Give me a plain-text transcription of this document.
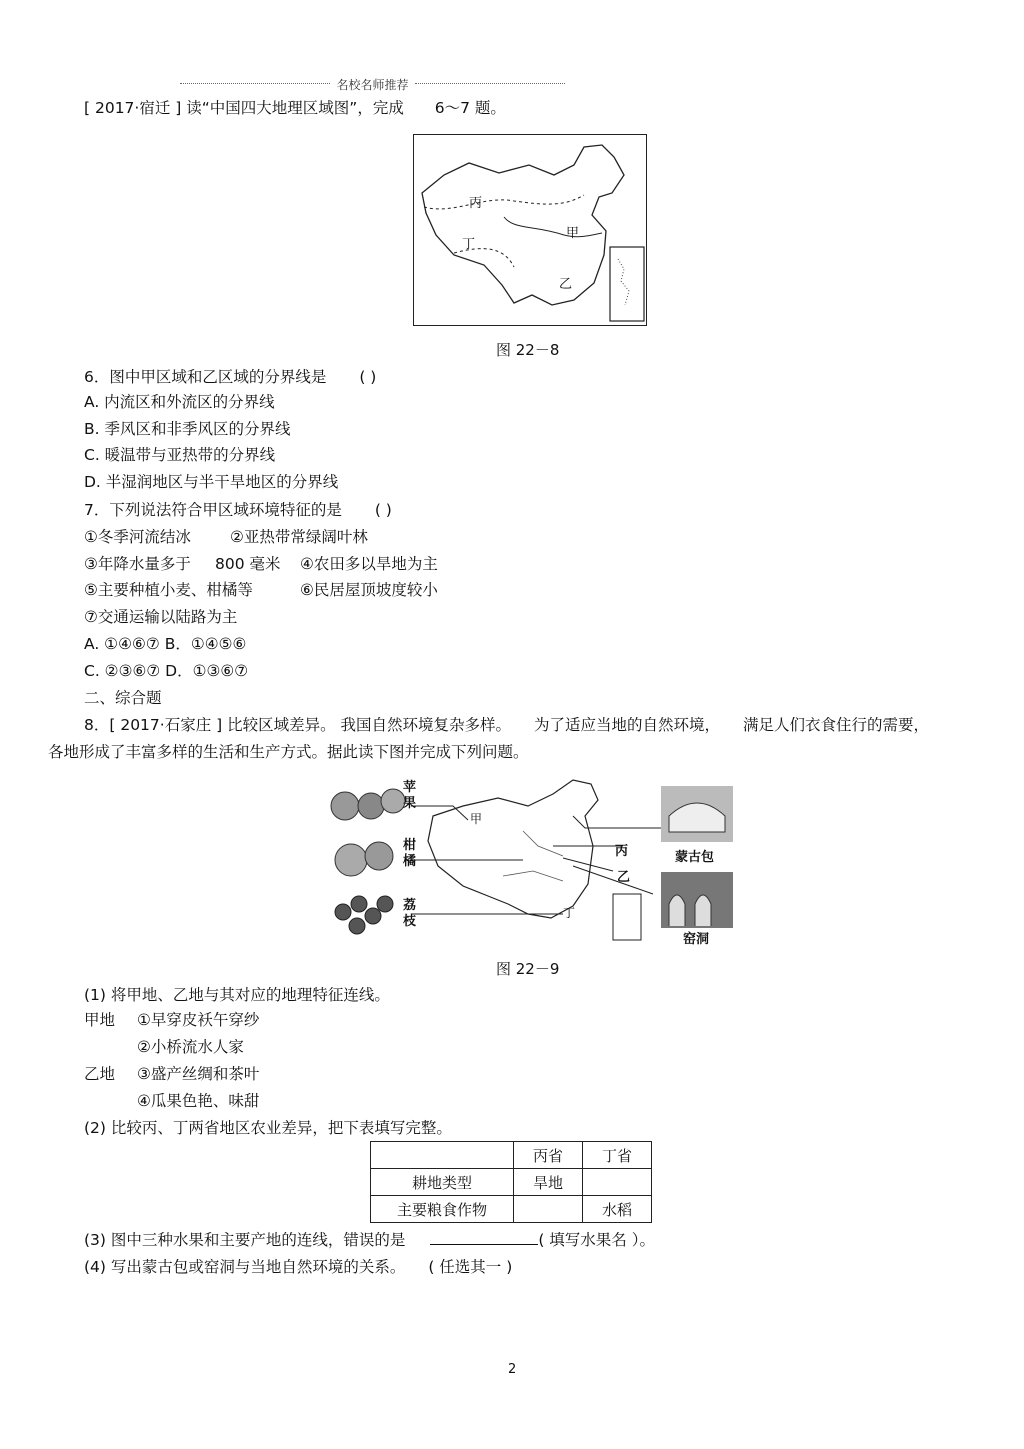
名校名师推荐
[ 2017·宿迁 ] 读“中国四大地理区域图”，完成 6～7 题。
丙
甲
丁
乙
图 22－8
6．图中甲区域和乙区域的分界线是 ( )
A. 内流区和外流区的分界线
B. 季风区和非季风区的分界线
C. 暖温带与亚热带的分界线
D. 半湿润地区与半干旱地区的分界线
7．下列说法符合甲区域环境特征的是 ( )
①冬季河流结冰	②亚热带常绿阔叶林
③年降水量多于 800 毫米 ④农田多以旱地为主
⑤主要种植小麦、柑橘等	⑥民居屋顶坡度较小
⑦交通运输以陆路为主
A. ①④⑥⑦ B．①④⑤⑥
C. ②③⑥⑦ D．①③⑥⑦
二、综合题
8．[ 2017·石家庄 ] 比较区域差异。 我国自然环境复杂多样。 为了适应当地的自然环境， 满足人们衣食住行的需要，
各地形成了丰富多样的生活和生产方式。据此读下图并完成下列问题。
苹果
柑橘
荔枝
甲
丙
乙
丁
蒙古包
窑洞
图 22－9
(1) 将甲地、乙地与其对应的地理特征连线。
甲地 ①早穿皮袄午穿纱
②小桥流水人家
乙地 ③盛产丝绸和茶叶
④瓜果色艳、味甜
(2) 比较丙、丁两省地区农业差异，把下表填写完整。
	丙省	丁省
耕地类型	旱地	
主要粮食作物		水稻
(3) 图中三种水果和主要产地的连线，错误的是	( 填写水果名 ）。
(4) 写出蒙古包或窑洞与当地自然环境的关系。 ( 任选其一 )
2
